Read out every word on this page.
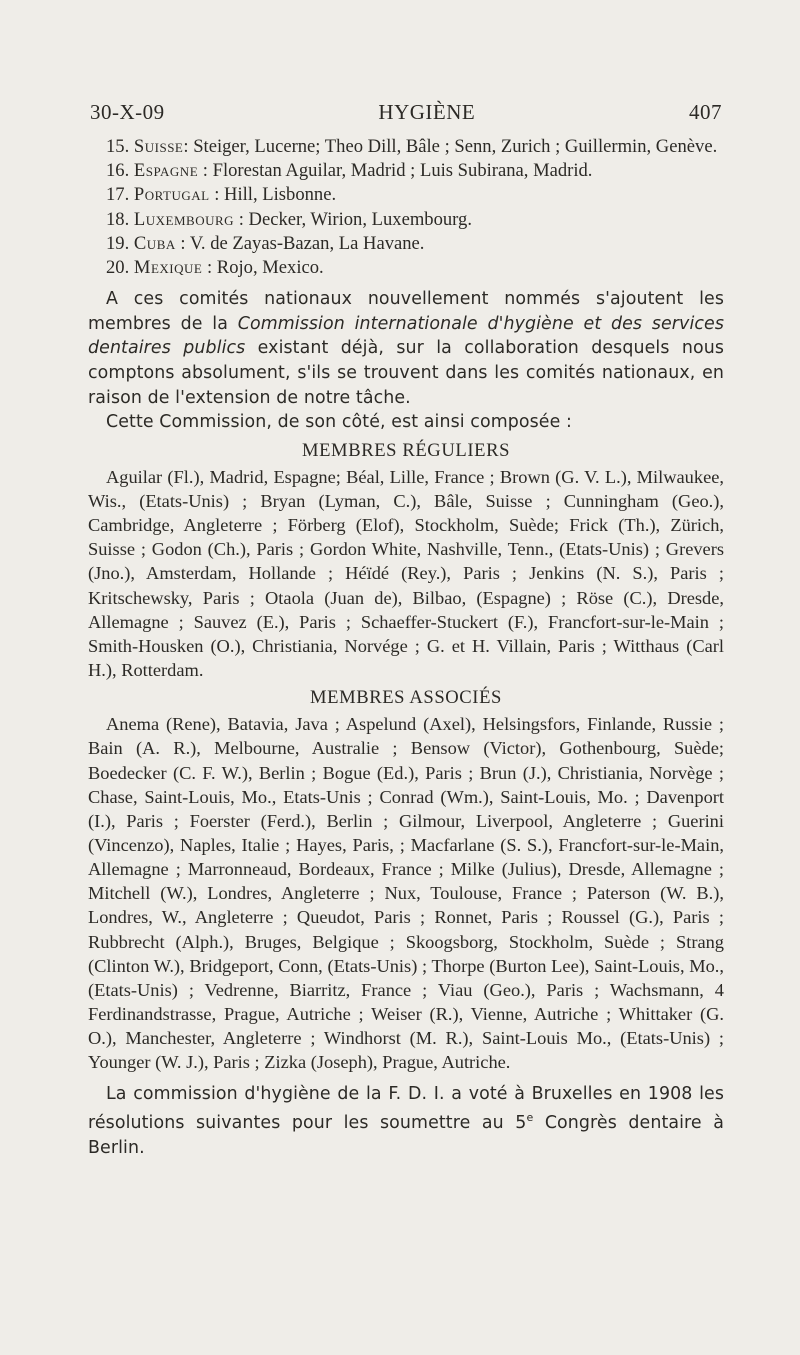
30-X-09	HYGIÈNE	407
15. Suisse: Steiger, Lucerne; Theo Dill, Bâle ; Senn, Zurich ; Guillermin, Genève.
16. Espagne : Florestan Aguilar, Madrid ; Luis Subirana, Madrid.
17. Portugal : Hill, Lisbonne.
18. Luxembourg : Decker, Wirion, Luxembourg.
19. Cuba : V. de Zayas-Bazan, La Havane.
20. Mexique : Rojo, Mexico.

A ces comités nationaux nouvellement nommés s'ajoutent les membres de la Commission internationale d'hygiène et des services dentaires publics existant déjà, sur la collaboration desquels nous comptons absolument, s'ils se trouvent dans les comités nationaux, en raison de l'extension de notre tâche.

Cette Commission, de son côté, est ainsi composée :

MEMBRES RÉGULIERS

Aguilar (Fl.), Madrid, Espagne; Béal, Lille, France ; Brown (G. V. L.), Milwaukee, Wis., (Etats-Unis) ; Bryan (Lyman, C.), Bâle, Suisse ; Cunningham (Geo.), Cambridge, Angleterre ; Förberg (Elof), Stockholm, Suède; Frick (Th.), Zürich, Suisse ; Godon (Ch.), Paris ; Gordon White, Nashville, Tenn., (Etats-Unis) ; Grevers (Jno.), Amsterdam, Hollande ; Héïdé (Rey.), Paris ; Jenkins (N. S.), Paris ; Kritschewsky, Paris ; Otaola (Juan de), Bilbao, (Espagne) ; Röse (C.), Dresde, Allemagne ; Sauvez (E.), Paris ; Schaeffer-Stuckert (F.), Francfort-sur-le-Main ; Smith-Housken (O.), Christiania, Norvége ; G. et H. Villain, Paris ; Witthaus (Carl H.), Rotterdam.

MEMBRES ASSOCIÉS

Anema (Rene), Batavia, Java ; Aspelund (Axel), Helsingsfors, Finlande, Russie ; Bain (A. R.), Melbourne, Australie ; Bensow (Victor), Gothenbourg, Suède; Boedecker (C. F. W.), Berlin ; Bogue (Ed.), Paris ; Brun (J.), Christiania, Norvège ; Chase, Saint-Louis, Mo., Etats-Unis ; Conrad (Wm.), Saint-Louis, Mo. ; Davenport (I.), Paris ; Foerster (Ferd.), Berlin ; Gilmour, Liverpool, Angleterre ; Guerini (Vincenzo), Naples, Italie ; Hayes, Paris, ; Macfarlane (S. S.), Francfort-sur-le-Main, Allemagne ; Marronneaud, Bordeaux, France ; Milke (Julius), Dresde, Allemagne ; Mitchell (W.), Londres, Angleterre ; Nux, Toulouse, France ; Paterson (W. B.), Londres, W., Angleterre ; Queudot, Paris ; Ronnet, Paris ; Roussel (G.), Paris ; Rubbrecht (Alph.), Bruges, Belgique ; Skoogsborg, Stockholm, Suède ; Strang (Clinton W.), Bridgeport, Conn, (Etats-Unis) ; Thorpe (Burton Lee), Saint-Louis, Mo., (Etats-Unis) ; Vedrenne, Biarritz, France ; Viau (Geo.), Paris ; Wachsmann, 4 Ferdinandstrasse, Prague, Autriche ; Weiser (R.), Vienne, Autriche ; Whittaker (G. O.), Manchester, Angleterre ; Windhorst (M. R.), Saint-Louis Mo., (Etats-Unis) ; Younger (W. J.), Paris ; Zizka (Joseph), Prague, Autriche.

La commission d'hygiène de la F. D. I. a voté à Bruxelles en 1908 les résolutions suivantes pour les soumettre au 5e Congrès dentaire à Berlin.
